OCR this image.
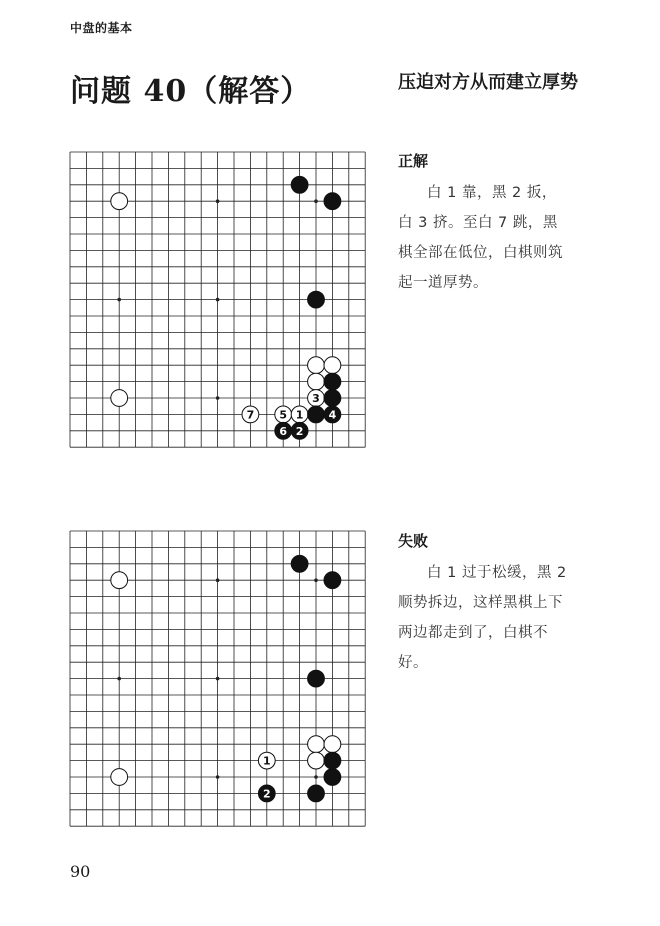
中盘的基本
问题 40（解答）	压迫对方从而建立厚势
3
7 5 1 4
6 2
正解
白 1 靠，黑 2 扳，白 3 挤。至白 7 跳，黑棋全部在低位，白棋则筑起一道厚势。
1
2
失败
白 1 过于松缓，黑 2 顺势拆边，这样黑棋上下两边都走到了，白棋不好。
90
